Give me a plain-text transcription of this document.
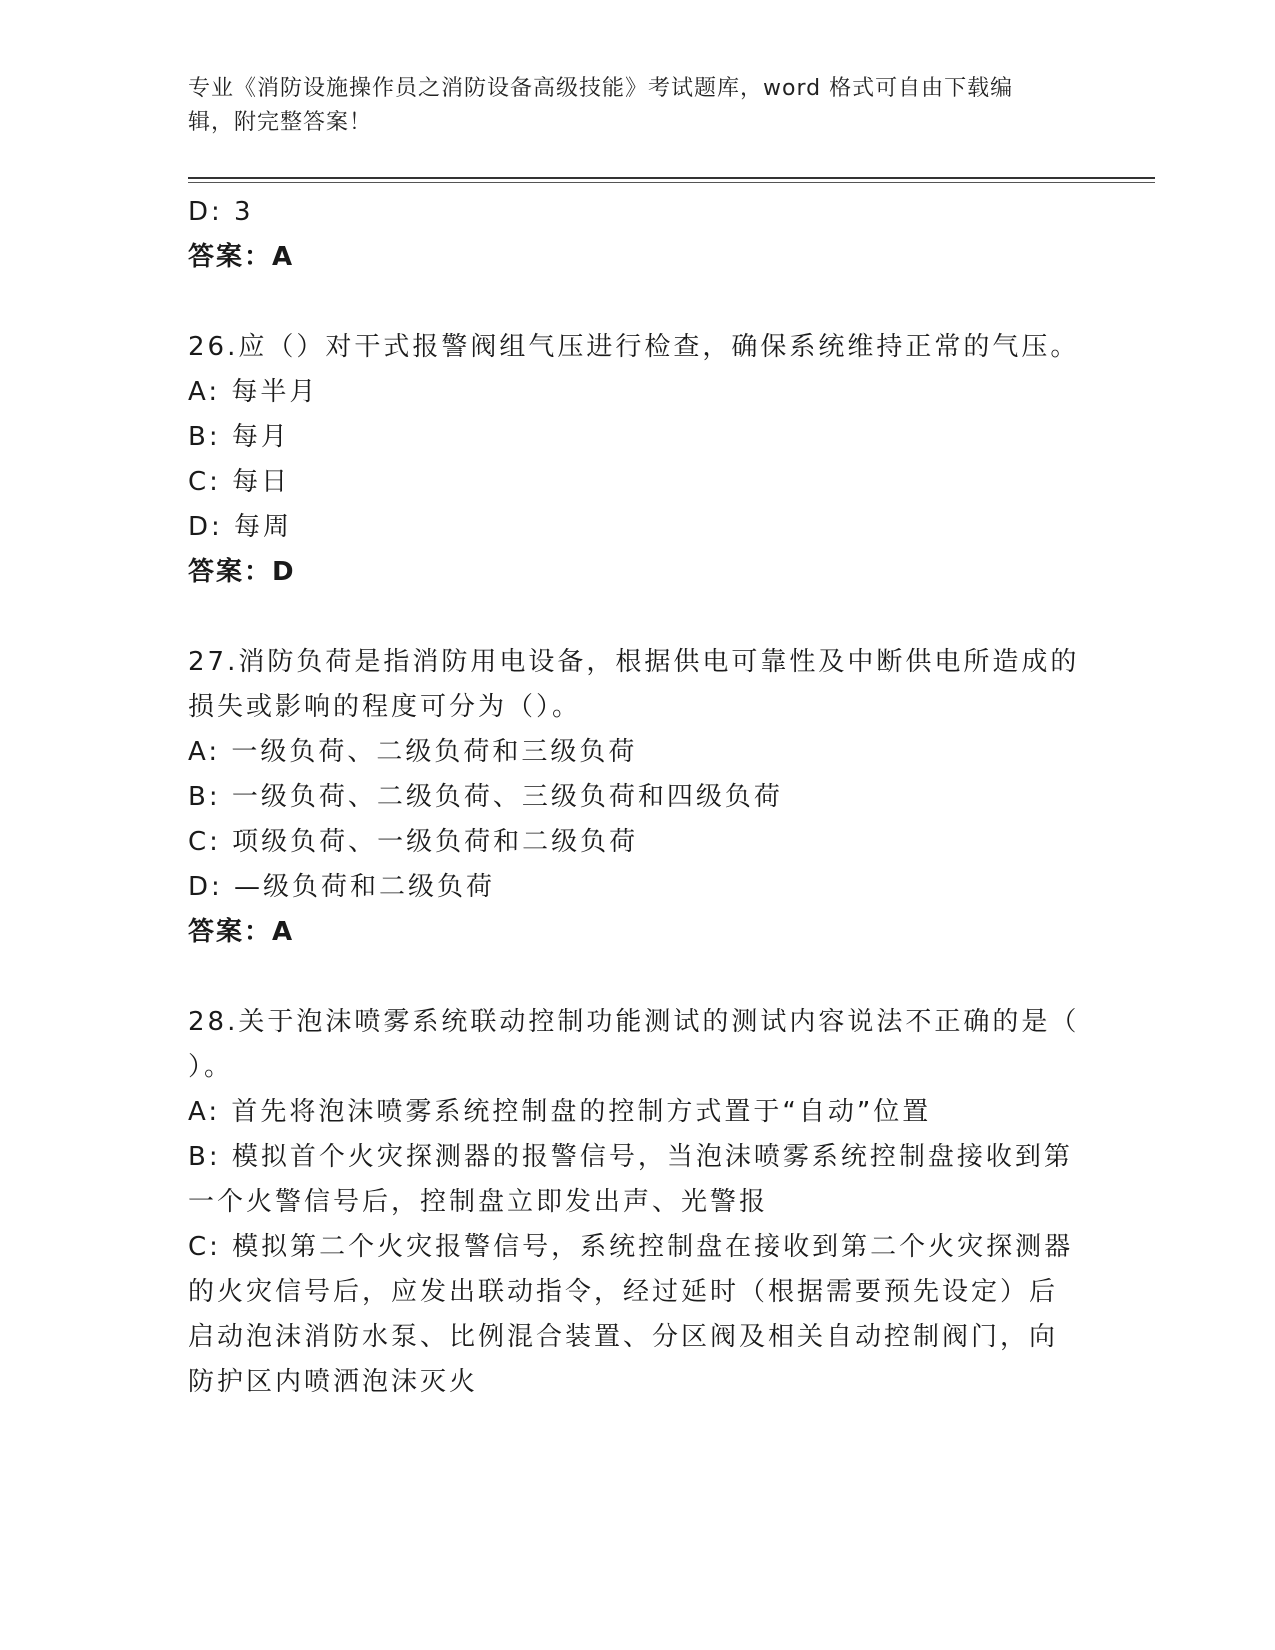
专业《消防设施操作员之消防设备高级技能》考试题库，word 格式可自由下载编
辑，附完整答案！
D: 3
答案：A
26.应（）对干式报警阀组气压进行检查，确保系统维持正常的气压。
A: 每半月
B: 每月
C: 每日
D: 每周
答案：D
27.消防负荷是指消防用电设备，根据供电可靠性及中断供电所造成的
损失或影响的程度可分为（）。
A: 一级负荷、二级负荷和三级负荷
B: 一级负荷、二级负荷、三级负荷和四级负荷
C: 项级负荷、一级负荷和二级负荷
D: —级负荷和二级负荷
答案：A
28.关于泡沫喷雾系统联动控制功能测试的测试内容说法不正确的是（
）。
A: 首先将泡沫喷雾系统控制盘的控制方式置于“自动”位置
B: 模拟首个火灾探测器的报警信号，当泡沫喷雾系统控制盘接收到第
一个火警信号后，控制盘立即发出声、光警报
C: 模拟第二个火灾报警信号，系统控制盘在接收到第二个火灾探测器
的火灾信号后，应发出联动指令，经过延时（根据需要预先设定）后
启动泡沫消防水泵、比例混合装置、分区阀及相关自动控制阀门，向
防护区内喷洒泡沫灭火
